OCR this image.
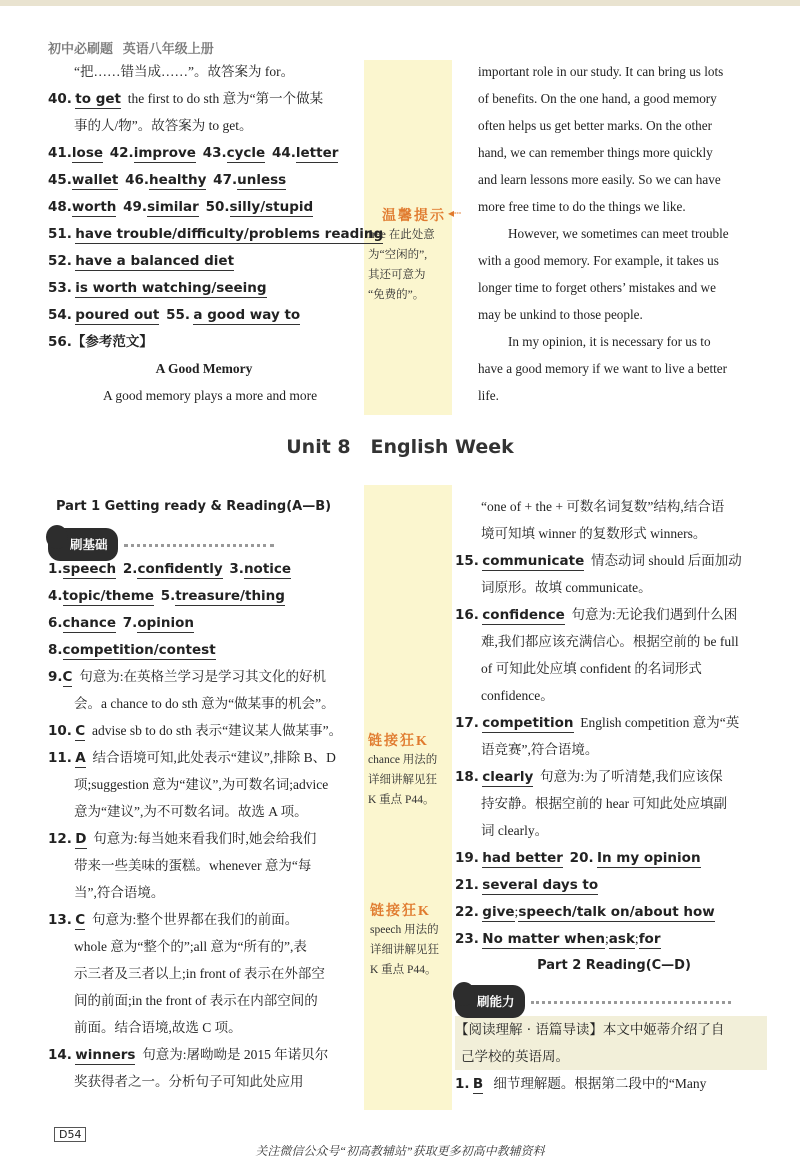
初中必刷题 英语八年级上册
“把……错当成……”。故答案为 for。
40. to get the first to do sth 意为“第一个做某
事的人/物”。故答案为 to get。
41.lose 42.improve 43.cycle 44.letter
45.wallet 46.healthy 47.unless
48.worth 49.similar 50.silly/stupid
51. have trouble/difficulty/problems reading
52. have a balanced diet
53. is worth watching/seeing
54. poured out 55. a good way to
56.【参考范文】
A Good Memory
A good memory plays a more and more
温馨提示
free 在此处意
为“空闲的”,
其还可意为
“免费的”。
◂┄
important role in our study. It can bring us lots
of benefits. On the one hand, a good memory
often helps us get better marks. On the other
hand, we can remember things more quickly
and learn lessons more easily. So we can have
more free time to do the things we like.
However, we sometimes can meet trouble
with a good memory. For example, it takes us
longer time to forget others’ mistakes and we
may be unkind to those people.
In my opinion, it is necessary for us to
have a good memory if we want to live a better
life.
Unit 8   English Week
Part 1 Getting ready & Reading(A—B)
刷基础
1.speech 2.confidently 3.notice
4.topic/theme 5.treasure/thing
6.chance 7.opinion
8.competition/contest
9.C 句意为:在英格兰学习是学习其文化的好机
会。a chance to do sth 意为“做某事的机会”。
10. C advise sb to do sth 表示“建议某人做某事”。
11. A 结合语境可知,此处表示“建议”,排除 B、D
项;suggestion 意为“建议”,为可数名词;advice
意为“建议”,为不可数名词。故选 A 项。
12. D 句意为:每当她来看我们时,她会给我们
带来一些美味的蛋糕。whenever 意为“每
当”,符合语境。
13. C 句意为:整个世界都在我们的前面。
whole 意为“整个的”;all 意为“所有的”,表
示三者及三者以上;in front of 表示在外部空
间的前面;in the front of 表示在内部空间的
前面。结合语境,故选 C 项。
14. winners 句意为:屠呦呦是 2015 年诺贝尔
奖获得者之一。分析句子可知此处应用
链接狂K
chance 用法的
详细讲解见狂
K 重点 P44。
链接狂K
speech 用法的
详细讲解见狂
K 重点 P44。
“one of + the + 可数名词复数”结构,结合语
境可知填 winner 的复数形式 winners。
15. communicate 情态动词 should 后面加动
词原形。故填 communicate。
16. confidence 句意为:无论我们遇到什么困
难,我们都应该充满信心。根据空前的 be full
of 可知此处应填 confident 的名词形式
confidence。
17. competition English competition 意为“英
语竞赛”,符合语境。
18. clearly 句意为:为了听清楚,我们应该保
持安静。根据空前的 hear 可知此处应填副
词 clearly。
19. had better 20. In my opinion
21. several days to
22. give;speech/talk on/about how
23. No matter when;ask;for
Part 2 Reading(C—D)
刷能力
【阅读理解 · 语篇导读】本文中姬蒂介绍了自
己学校的英语周。
1. B 细节理解题。根据第二段中的“Many
D54
关注微信公众号“初高教辅站”获取更多初高中教辅资料
